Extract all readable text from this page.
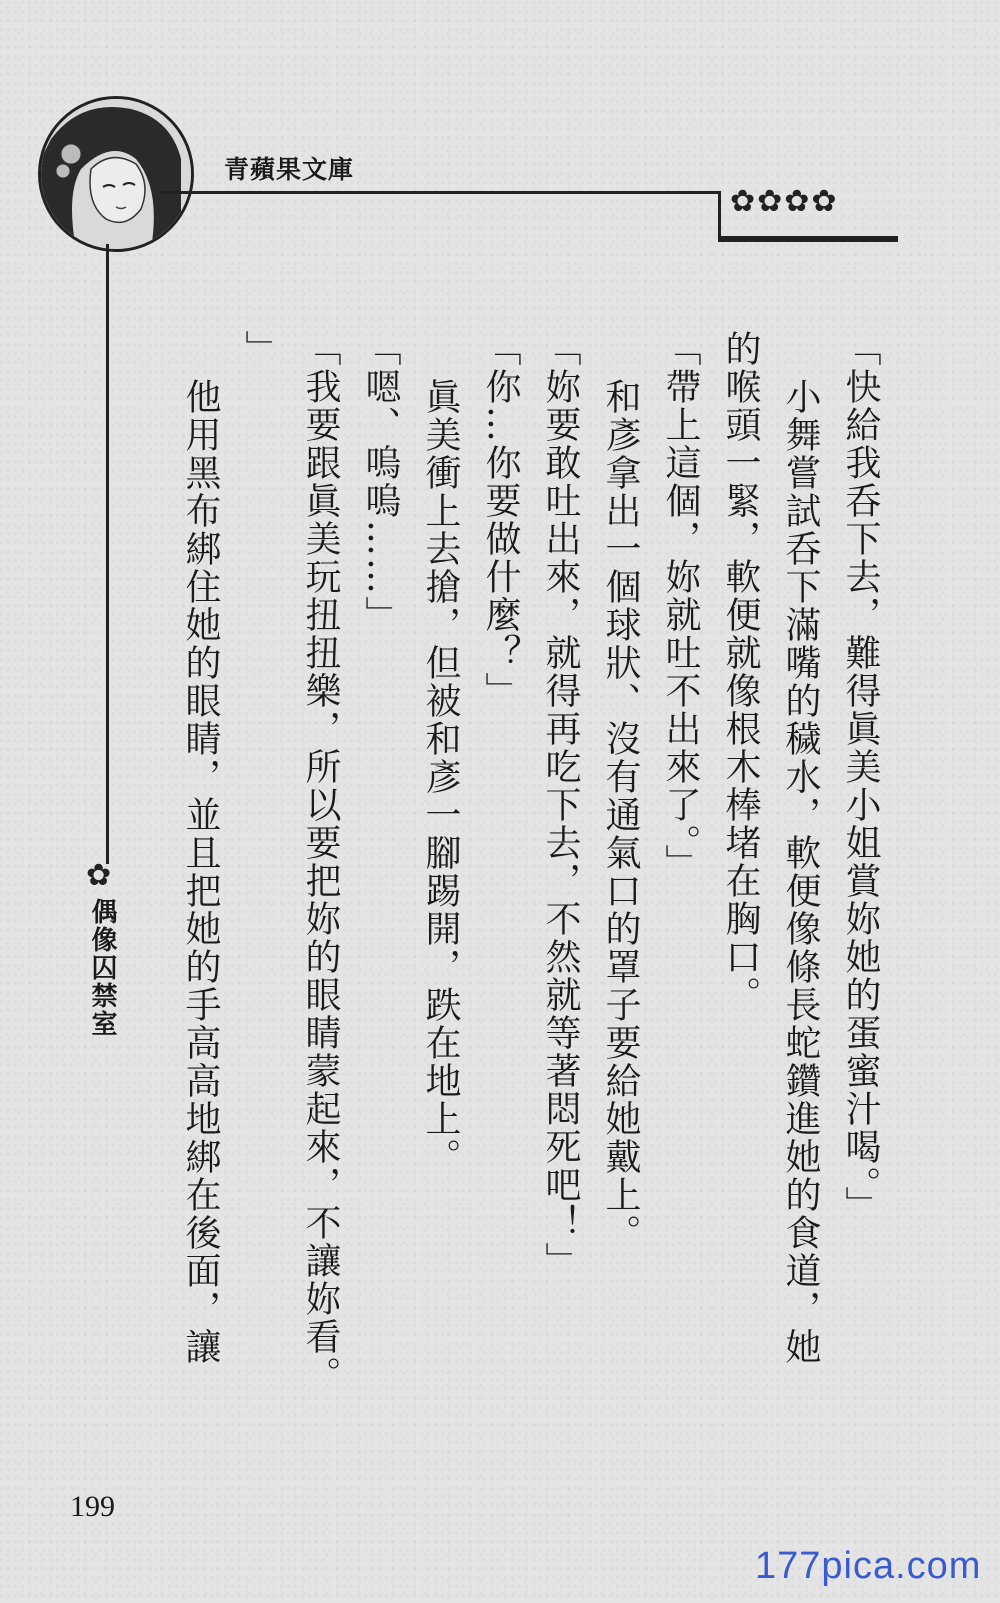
青蘋果文庫
✿✿✿✿
✿
偶像囚禁室	「快給我呑下去，難得眞美小姐賞妳她的蛋蜜汁喝。」

小舞嘗試呑下滿嘴的穢水，軟便像條長蛇鑽進她的食道，她

的喉頭一緊，軟便就像根木棒堵在胸口。

「帶上這個，妳就吐不出來了。」

和彥拿出一個球狀、沒有通氣口的罩子要給她戴上。

「妳要敢吐出來，就得再吃下去，不然就等著悶死吧！」

「你…你要做什麼？」

眞美衝上去搶，但被和彥一腳踢開，跌在地上。

「嗯、嗚嗚……」

「我要跟眞美玩扭扭樂，所以要把妳的眼睛蒙起來，不讓妳看。

」

他用黑布綁住她的眼睛，並且把她的手高高地綁在後面，讓

199
177pica.com
